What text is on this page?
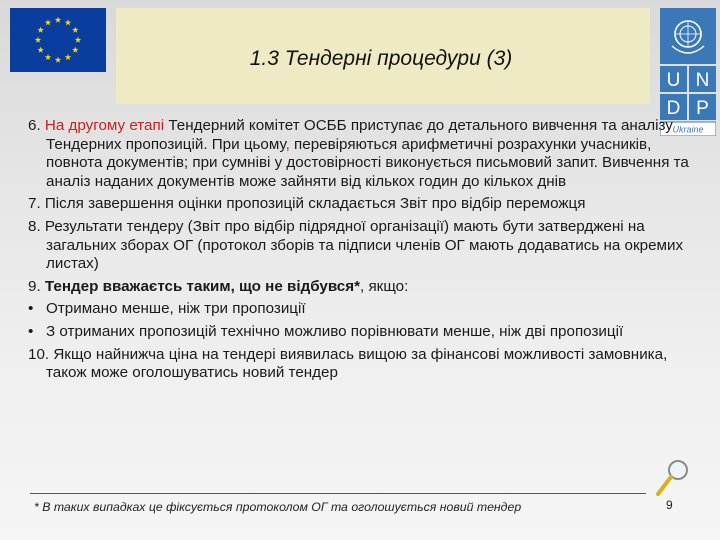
1.3 Тендерні процедури (3)
U N
D P
Ukraine

6. На другому етапі Тендерний комітет ОСББ приступає до детального вивчення та аналізу Тендерних пропозицій. При цьому, перевіряються арифметичні розрахунки учасників, повнота документів; при сумніві у достовірності виконується письмовий запит. Вивчення та аналіз наданих документів може зайняти від кількох годин до кількох днів

7. Після завершення оцінки пропозицій складається Звіт про відбір переможця

8. Результати тендеру (Звіт про відбір підрядної організації) мають бути затверджені на загальних зборах ОГ (протокол зборів та підписи членів ОГ мають додаватись на окремих листах)

9. Тендер вважаєтсь таким, що не відбувся*, якщо:

• Отримано менше, ніж три пропозиції
• З отриманих пропозицій технічно можливо порівнювати менше, ніж дві пропозиції

10. Якщо найнижча ціна на тендері виявилась вищою за фінансові можливості замовника, також може оголошуватись новий тендер

* В таких випадках це фіксується протоколом ОГ та оголошується новий тендер	9
